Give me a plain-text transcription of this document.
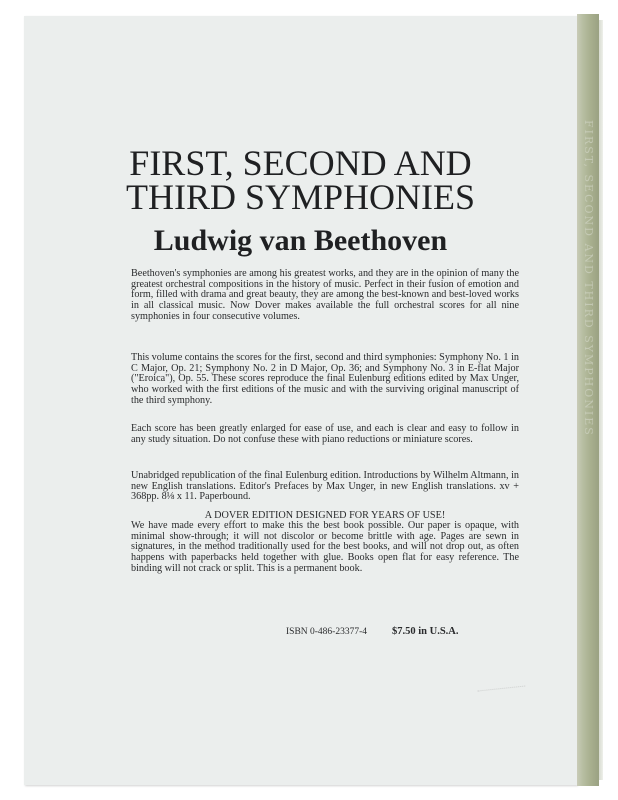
FIRST, SECOND AND THIRD SYMPHONIES
FIRST, SECOND AND
THIRD SYMPHONIES
Ludwig van Beethoven

Beethoven's symphonies are among his greatest works, and they are in the opinion of many the greatest orchestral compositions in the history of music. Perfect in their fusion of emotion and form, filled with drama and great beauty, they are among the best-known and best-loved works in all classical music. Now Dover makes available the full orchestral scores for all nine symphonies in four consecutive volumes.

This volume contains the scores for the first, second and third symphonies: Symphony No. 1 in C Major, Op. 21; Symphony No. 2 in D Major, Op. 36; and Symphony No. 3 in E-flat Major ("Eroica"), Op. 55. These scores reproduce the final Eulenburg editions edited by Max Unger, who worked with the first editions of the music and with the surviving original manuscript of the third symphony.

Each score has been greatly enlarged for ease of use, and each is clear and easy to follow in any study situation. Do not confuse these with piano reductions or miniature scores.

Unabridged republication of the final Eulenburg edition. Introductions by Wilhelm Altmann, in new English translations. Editor's Prefaces by Max Unger, in new English translations. xv + 368pp. 8⅛ x 11. Paperbound.

A DOVER EDITION DESIGNED FOR YEARS OF USE!

We have made every effort to make this the best book possible. Our paper is opaque, with minimal show-through; it will not discolor or become brittle with age. Pages are sewn in signatures, in the method traditionally used for the best books, and will not drop out, as often happens with paperbacks held together with glue. Books open flat for easy reference. The binding will not crack or split. This is a permanent book.

ISBN 0-486-23377-4 $7.50 in U.S.A.
